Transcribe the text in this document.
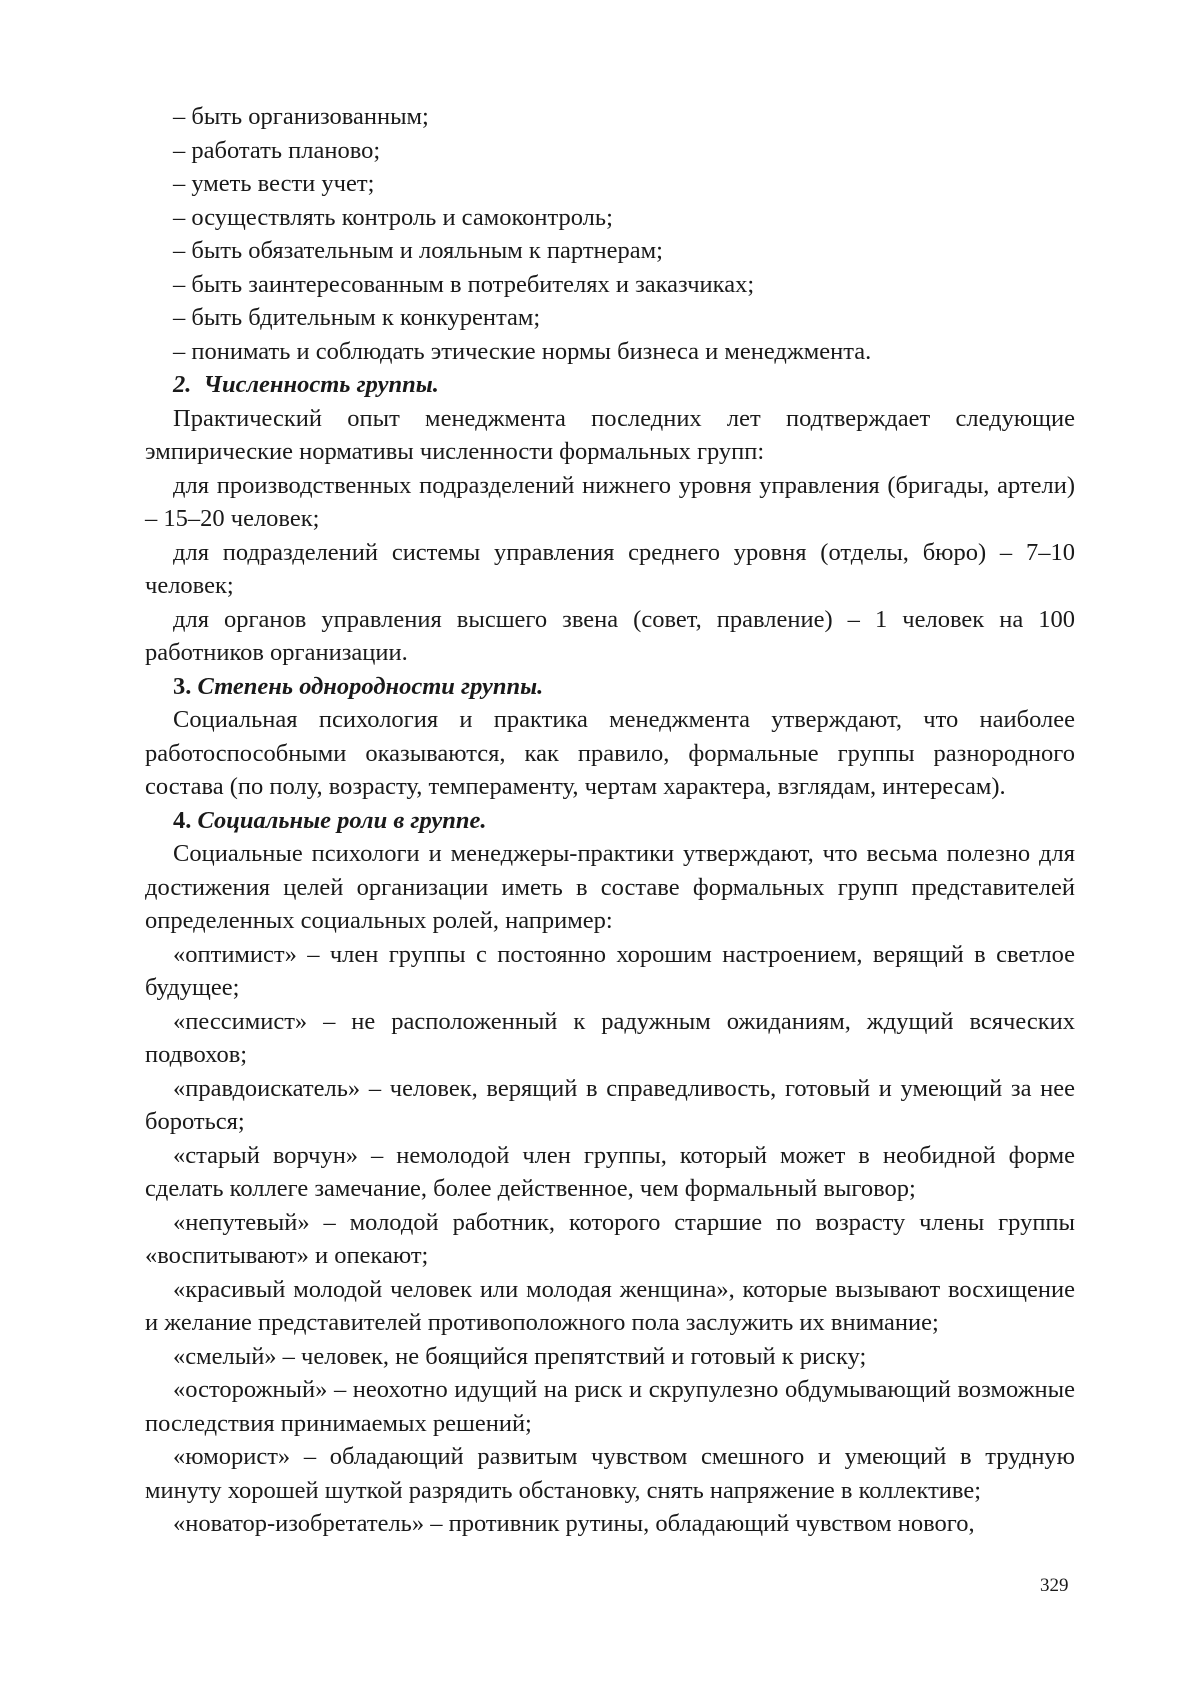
– быть организованным;

– работать планово;

– уметь вести учет;

– осуществлять контроль и самоконтроль;

– быть обязательным и лояльным к партнерам;

– быть заинтересованным в потребителях и заказчиках;

– быть бдительным к конкурентам;

– понимать и соблюдать этические нормы бизнеса и менеджмента.

2. Численность группы.

Практический опыт менеджмента последних лет подтверждает следующие эмпирические нормативы численности формальных групп:

для производственных подразделений нижнего уровня управления (бригады, артели) – 15–20 человек;

для подразделений системы управления среднего уровня (отделы, бюро) – 7–10 человек;

для органов управления высшего звена (совет, правление) – 1 человек на 100 работников организации.

3. Степень однородности группы.

Социальная психология и практика менеджмента утверждают, что наиболее работоспособными оказываются, как правило, формальные группы разнородного состава (по полу, возрасту, темпераменту, чертам характера, взглядам, интересам).

4. Социальные роли в группе.

Социальные психологи и менеджеры-практики утверждают, что весьма полезно для достижения целей организации иметь в составе формальных групп представителей определенных социальных ролей, например:

«оптимист» – член группы с постоянно хорошим настроением, верящий в светлое будущее;

«пессимист» – не расположенный к радужным ожиданиям, ждущий всяческих подвохов;

«правдоискатель» – человек, верящий в справедливость, готовый и умеющий за нее бороться;

«старый ворчун» – немолодой член группы, который может в необидной форме сделать коллеге замечание, более действенное, чем формальный выговор;

«непутевый» – молодой работник, которого старшие по возрасту члены группы «воспитывают» и опекают;

«красивый молодой человек или молодая женщина», которые вызывают восхищение и желание представителей противоположного пола заслужить их внимание;

«смелый» – человек, не боящийся препятствий и готовый к риску;

«осторожный» – неохотно идущий на риск и скрупулезно обдумывающий возможные последствия принимаемых решений;

«юморист» – обладающий развитым чувством смешного и умеющий в трудную минуту хорошей шуткой разрядить обстановку, снять напряжение в коллективе;

«новатор-изобретатель» – противник рутины, обладающий чувством нового,

329
